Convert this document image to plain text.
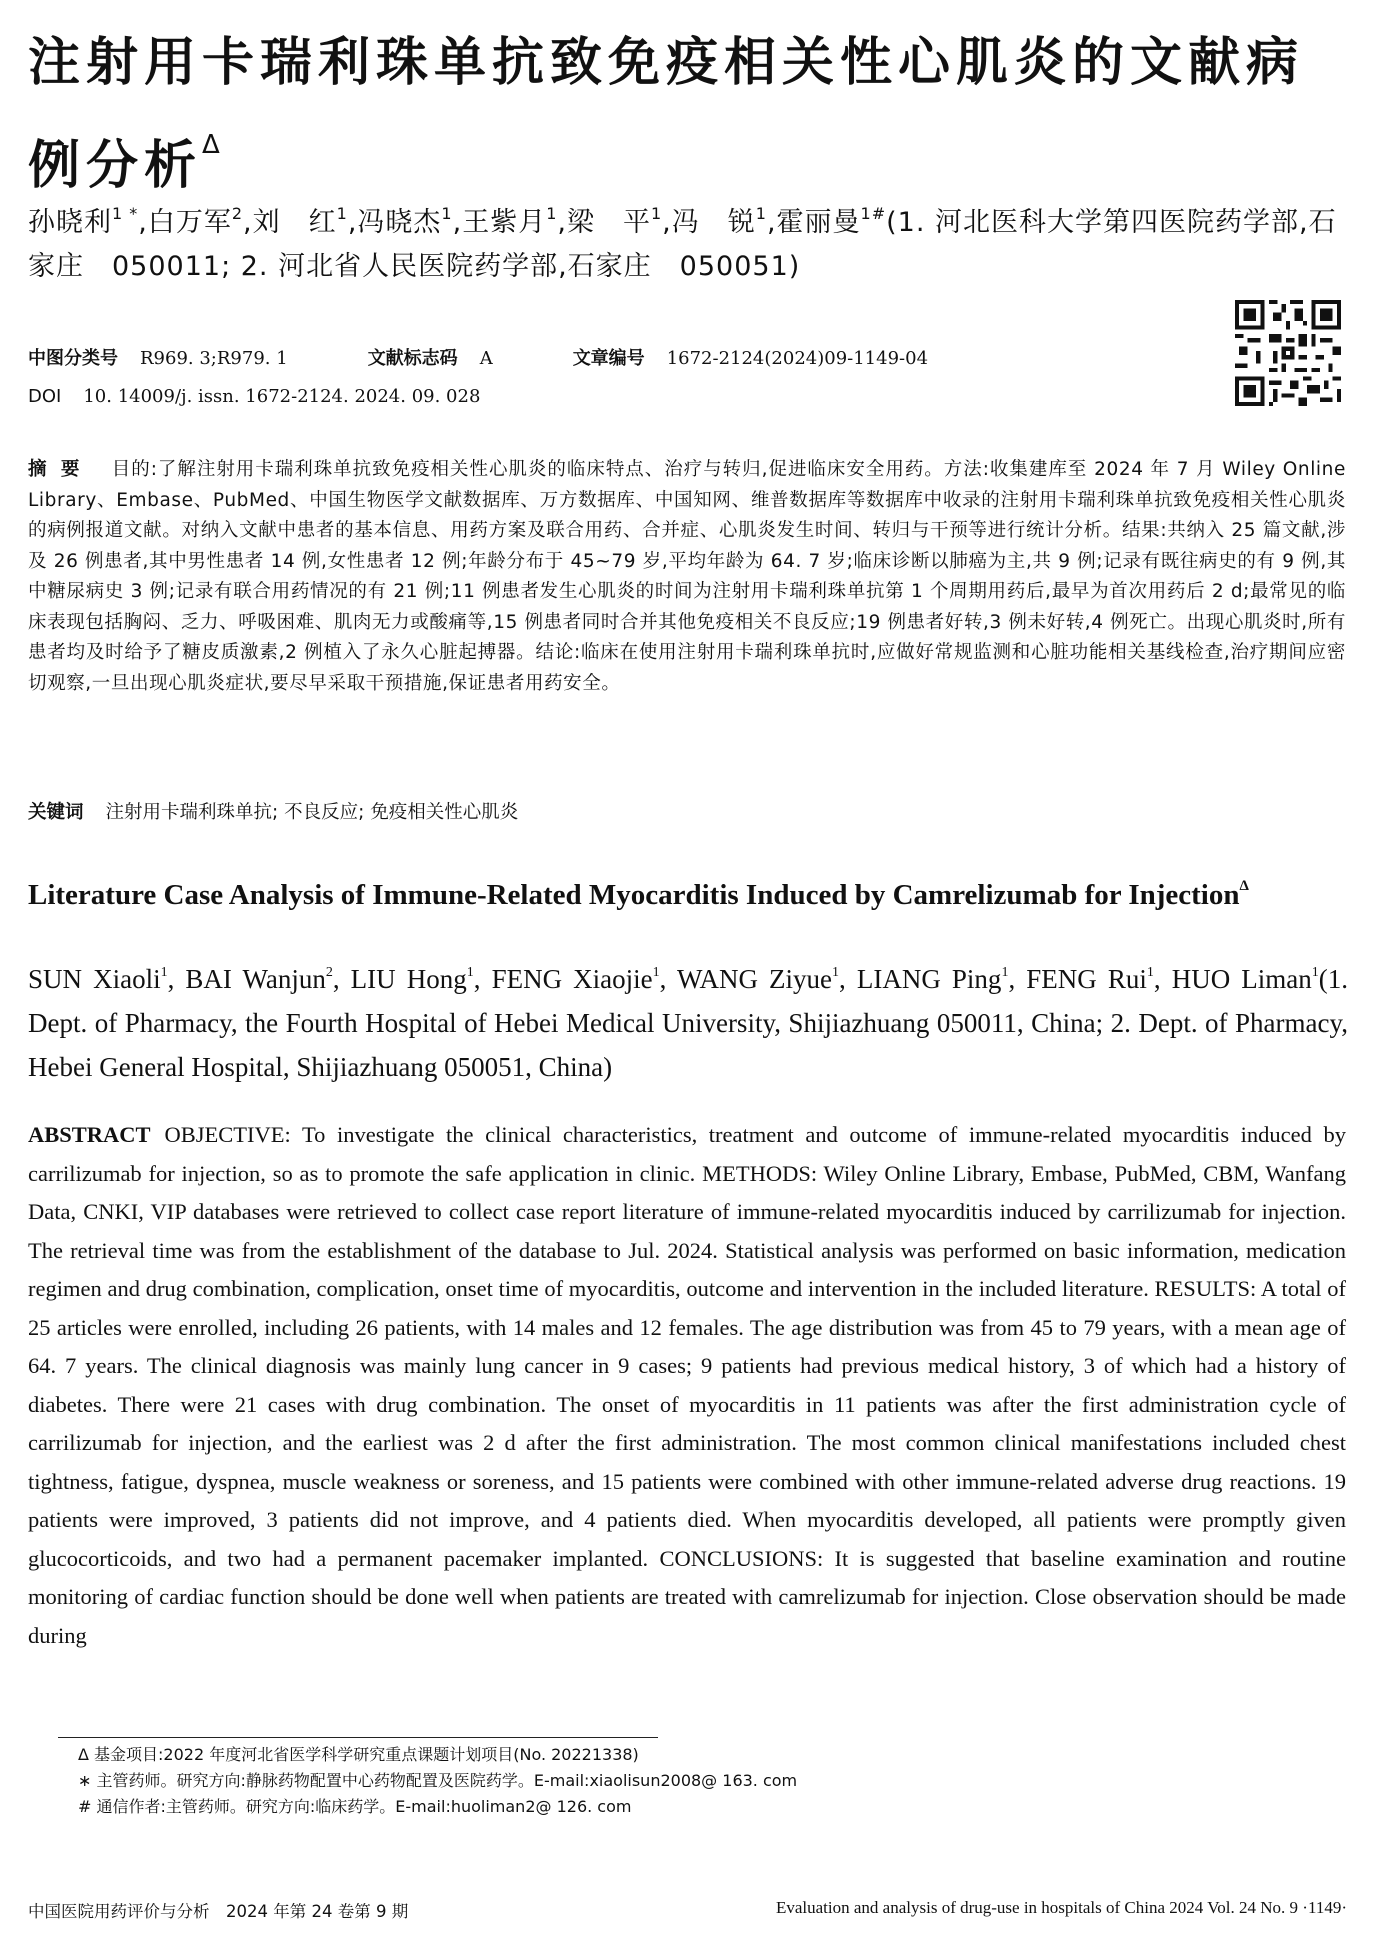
注射用卡瑞利珠单抗致免疫相关性心肌炎的文献病例分析$^\Delta$
孙晓利$^{1 *}$,白万军$^2$,刘　红$^1$,冯晓杰$^1$,王紫月$^1$,梁　平$^1$,冯　锐$^1$,霍丽曼$^{1\#}$(1. 河北医科大学第四医院药学部,石家庄　050011; 2. 河北省人民医院药学部,石家庄　050051)
中图分类号 R969. 3;R979. 1	文献标志码 A	文章编号 1672-2124(2024)09-1149-04
DOI 10. 14009/j. issn. 1672-2124. 2024. 09. 028

摘要 目的:了解注射用卡瑞利珠单抗致免疫相关性心肌炎的临床特点、治疗与转归,促进临床安全用药。方法:收集建库至 2024 年 7 月 Wiley Online Library、Embase、PubMed、中国生物医学文献数据库、万方数据库、中国知网、维普数据库等数据库中收录的注射用卡瑞利珠单抗致免疫相关性心肌炎的病例报道文献。对纳入文献中患者的基本信息、用药方案及联合用药、合并症、心肌炎发生时间、转归与干预等进行统计分析。结果:共纳入 25 篇文献,涉及 26 例患者,其中男性患者 14 例,女性患者 12 例;年龄分布于 45~79 岁,平均年龄为 64. 7 岁;临床诊断以肺癌为主,共 9 例;记录有既往病史的有 9 例,其中糖尿病史 3 例;记录有联合用药情况的有 21 例;11 例患者发生心肌炎的时间为注射用卡瑞利珠单抗第 1 个周期用药后,最早为首次用药后 2 d;最常见的临床表现包括胸闷、乏力、呼吸困难、肌肉无力或酸痛等,15 例患者同时合并其他免疫相关不良反应;19 例患者好转,3 例未好转,4 例死亡。出现心肌炎时,所有患者均及时给予了糖皮质激素,2 例植入了永久心脏起搏器。结论:临床在使用注射用卡瑞利珠单抗时,应做好常规监测和心脏功能相关基线检查,治疗期间应密切观察,一旦出现心肌炎症状,要尽早采取干预措施,保证患者用药安全。

关键词 注射用卡瑞利珠单抗; 不良反应; 免疫相关性心肌炎
Literature Case Analysis of Immune-Related Myocarditis Induced by Camrelizumab for Injection$^\Delta$
SUN Xiaoli$^1$, BAI Wanjun$^2$, LIU Hong$^1$, FENG Xiaojie$^1$, WANG Ziyue$^1$, LIANG Ping$^1$, FENG Rui$^1$, HUO Liman$^1$(1. Dept. of Pharmacy, the Fourth Hospital of Hebei Medical University, Shijiazhuang 050011, China; 2. Dept. of Pharmacy, Hebei General Hospital, Shijiazhuang 050051, China)

ABSTRACT OBJECTIVE: To investigate the clinical characteristics, treatment and outcome of immune-related myocarditis induced by carrilizumab for injection, so as to promote the safe application in clinic. METHODS: Wiley Online Library, Embase, PubMed, CBM, Wanfang Data, CNKI, VIP databases were retrieved to collect case report literature of immune-related myocarditis induced by carrilizumab for injection. The retrieval time was from the establishment of the database to Jul. 2024. Statistical analysis was performed on basic information, medication regimen and drug combination, complication, onset time of myocarditis, outcome and intervention in the included literature. RESULTS: A total of 25 articles were enrolled, including 26 patients, with 14 males and 12 females. The age distribution was from 45 to 79 years, with a mean age of 64. 7 years. The clinical diagnosis was mainly lung cancer in 9 cases; 9 patients had previous medical history, 3 of which had a history of diabetes. There were 21 cases with drug combination. The onset of myocarditis in 11 patients was after the first administration cycle of carrilizumab for injection, and the earliest was 2 d after the first administration. The most common clinical manifestations included chest tightness, fatigue, dyspnea, muscle weakness or soreness, and 15 patients were combined with other immune-related adverse drug reactions. 19 patients were improved, 3 patients did not improve, and 4 patients died. When myocarditis developed, all patients were promptly given glucocorticoids, and two had a permanent pacemaker implanted. CONCLUSIONS: It is suggested that baseline examination and routine monitoring of cardiac function should be done well when patients are treated with camrelizumab for injection. Close observation should be made during

Δ 基金项目:2022 年度河北省医学科学研究重点课题计划项目(No. 20221338)
∗ 主管药师。研究方向:静脉药物配置中心药物配置及医院药学。E-mail:xiaolisun2008@ 163. com
# 通信作者:主管药师。研究方向:临床药学。E-mail:huoliman2@ 126. com
中国医院用药评价与分析　2024 年第 24 卷第 9 期	Evaluation and analysis of drug-use in hospitals of China 2024 Vol. 24 No. 9 ·1149·
